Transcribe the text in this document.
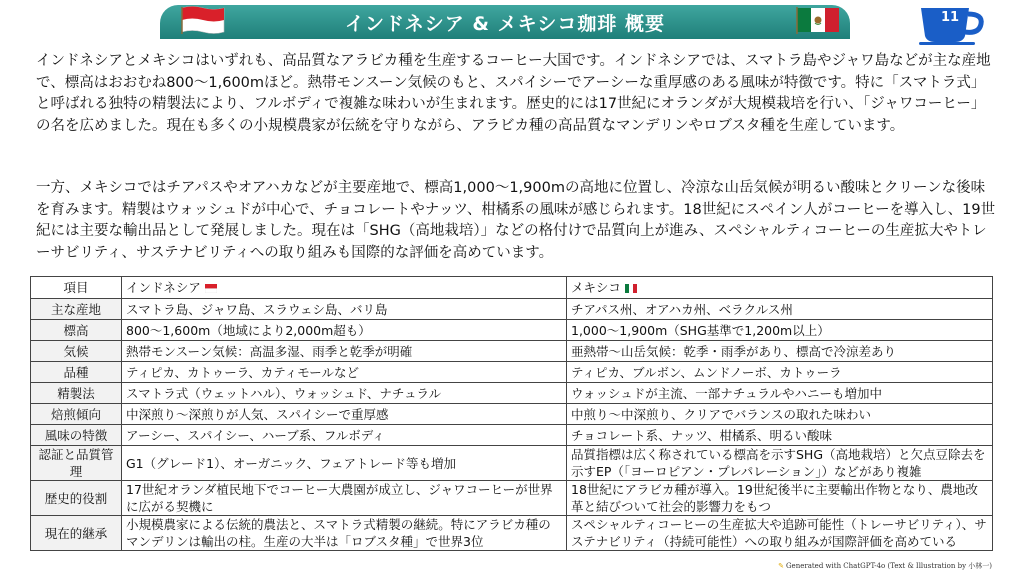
インドネシア & メキシコ珈琲 概要	11

インドネシアとメキシコはいずれも、高品質なアラビカ種を生産するコーヒー大国です。インドネシアでは、スマトラ島やジャワ島などが主な産地で、標高はおおむね800〜1,600mほど。熱帯モンスーン気候のもと、スパイシーでアーシーな重厚感のある風味が特徴です。特に「スマトラ式」と呼ばれる独特の精製法により、フルボディで複雑な味わいが生まれます。歴史的には17世紀にオランダが大規模栽培を行い、「ジャワコーヒー」の名を広めました。現在も多くの小規模農家が伝統を守りながら、アラビカ種の高品質なマンデリンやロブスタ種を生産しています。

一方、メキシコではチアパスやオアハカなどが主要産地で、標高1,000〜1,900mの高地に位置し、冷涼な山岳気候が明るい酸味とクリーンな後味を育みます。精製はウォッシュドが中心で、チョコレートやナッツ、柑橘系の風味が感じられます。18世紀にスペイン人がコーヒーを導入し、19世紀には主要な輸出品として発展しました。現在は「SHG（高地栽培）」などの格付けで品質向上が進み、スペシャルティコーヒーの生産拡大やトレーサビリティ、サステナビリティへの取り組みも国際的な評価を高めています。

項目	インドネシア	メキシコ
主な産地	スマトラ島、ジャワ島、スラウェシ島、バリ島	チアパス州、オアハカ州、ベラクルス州
標高	800〜1,600m（地域により2,000m超も）	1,000〜1,900m（SHG基準で1,200m以上）
気候	熱帯モンスーン気候：高温多湿、雨季と乾季が明確	亜熱帯〜山岳気候：乾季・雨季があり、標高で冷涼差あり
品種	ティピカ、カトゥーラ、カティモールなど	ティピカ、ブルボン、ムンドノーボ、カトゥーラ
精製法	スマトラ式（ウェットハル）、ウォッシュド、ナチュラル	ウォッシュドが主流、一部ナチュラルやハニーも増加中
焙煎傾向	中深煎り〜深煎りが人気、スパイシーで重厚感	中煎り〜中深煎り、クリアでバランスの取れた味わい
風味の特徴	アーシー、スパイシー、ハーブ系、フルボディ	チョコレート系、ナッツ、柑橘系、明るい酸味
認証と品質管理	G1（グレード1）、オーガニック、フェアトレード等も増加	品質指標は広く称されている標高を示すSHG（高地栽培）と欠点豆除去を示すEP（「ヨーロピアン・プレパレーション」）などがあり複雑
歴史的役割	17世紀オランダ植民地下でコーヒー大農園が成立し、ジャワコーヒーが世界に広がる契機に	18世紀にアラビカ種が導入。19世紀後半に主要輸出作物となり、農地改革と結びついて社会的影響力をもつ
現在的継承	小規模農家による伝統的農法と、スマトラ式精製の継続。特にアラビカ種のマンデリンは輸出の柱。生産の大半は「ロブスタ種」で世界3位	スペシャルティコーヒーの生産拡大や追跡可能性（トレーサビリティ）、サステナビリティ（持続可能性）への取り組みが国際評価を高めている
✎ Generated with ChatGPT-4o (Text & Illustration by 小林一)
